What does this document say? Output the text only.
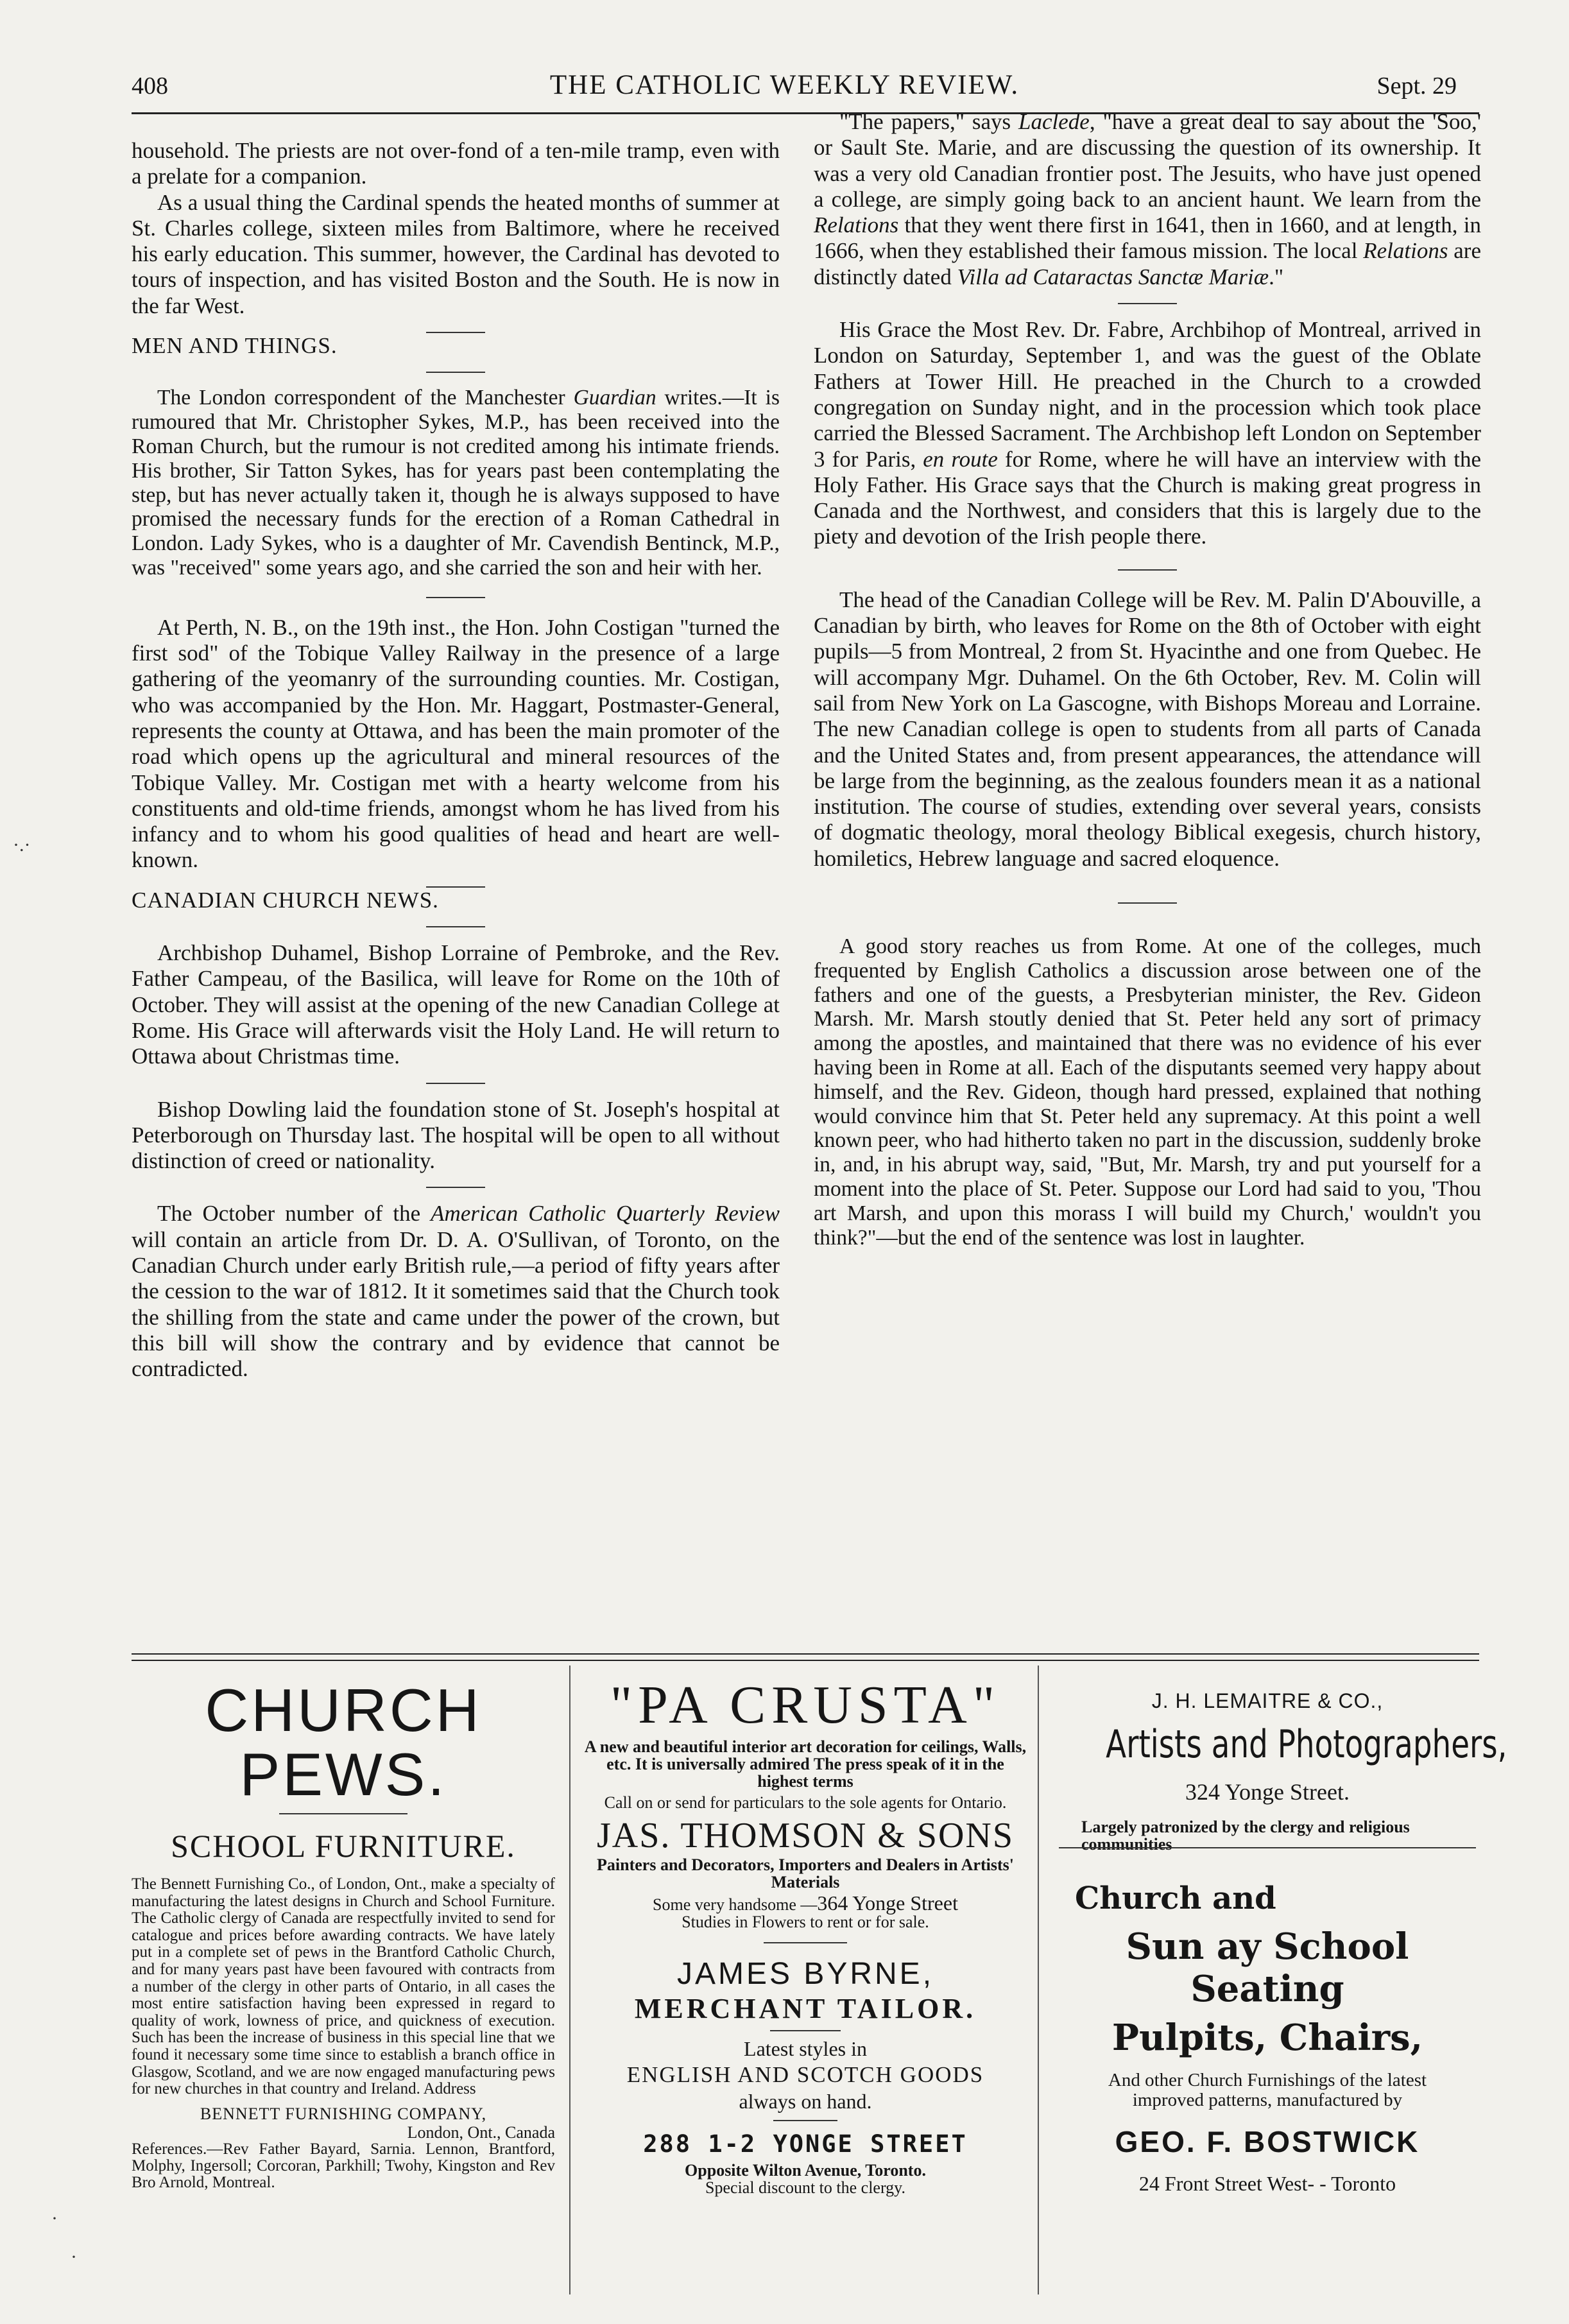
408	THE CATHOLIC WEEKLY REVIEW.	Sept. 29

household. The priests are not over-fond of a ten-mile tramp, even with a prelate for a companion.

As a usual thing the Cardinal spends the heated months of summer at St. Charles college, sixteen miles from Baltimore, where he received his early education. This summer, however, the Cardinal has devoted to tours of inspection, and has visited Boston and the South. He is now in the far West.

MEN AND THINGS.

The London correspondent of the Manchester Guardian writes.—It is rumoured that Mr. Christopher Sykes, M.P., has been received into the Roman Church, but the rumour is not credited among his intimate friends. His brother, Sir Tatton Sykes, has for years past been contemplating the step, but has never actually taken it, though he is always supposed to have promised the necessary funds for the erection of a Roman Cathedral in London. Lady Sykes, who is a daughter of Mr. Cavendish Bentinck, M.P., was "received" some years ago, and she carried the son and heir with her.

At Perth, N. B., on the 19th inst., the Hon. John Costigan "turned the first sod" of the Tobique Valley Railway in the presence of a large gathering of the yeomanry of the surrounding counties. Mr. Costigan, who was accompanied by the Hon. Mr. Haggart, Postmaster-General, represents the county at Ottawa, and has been the main promoter of the road which opens up the agricultural and mineral resources of the Tobique Valley. Mr. Costigan met with a hearty welcome from his constituents and old-time friends, amongst whom he has lived from his infancy and to whom his good qualities of head and heart are well-known.

CANADIAN CHURCH NEWS.

Archbishop Duhamel, Bishop Lorraine of Pembroke, and the Rev. Father Campeau, of the Basilica, will leave for Rome on the 10th of October. They will assist at the opening of the new Canadian College at Rome. His Grace will afterwards visit the Holy Land. He will return to Ottawa about Christmas time.

Bishop Dowling laid the foundation stone of St. Joseph's hospital at Peterborough on Thursday last. The hospital will be open to all without distinction of creed or nationality.

The October number of the American Catholic Quarterly Review will contain an article from Dr. D. A. O'Sullivan, of Toronto, on the Canadian Church under early British rule,—a period of fifty years after the cession to the war of 1812. It it sometimes said that the Church took the shilling from the state and came under the power of the crown, but this bill will show the contrary and by evidence that cannot be contradicted.

"The papers," says Laclede, "have a great deal to say about the 'Soo,' or Sault Ste. Marie, and are discussing the question of its ownership. It was a very old Canadian frontier post. The Jesuits, who have just opened a college, are simply going back to an ancient haunt. We learn from the Relations that they went there first in 1641, then in 1660, and at length, in 1666, when they established their famous mission. The local Relations are distinctly dated Villa ad Cataractas Sanctæ Mariæ."

His Grace the Most Rev. Dr. Fabre, Archbihop of Montreal, arrived in London on Saturday, September 1, and was the guest of the Oblate Fathers at Tower Hill. He preached in the Church to a crowded congregation on Sunday night, and in the procession which took place carried the Blessed Sacrament. The Archbishop left London on September 3 for Paris, en route for Rome, where he will have an interview with the Holy Father. His Grace says that the Church is making great progress in Canada and the Northwest, and considers that this is largely due to the piety and devotion of the Irish people there.

The head of the Canadian College will be Rev. M. Palin D'Abouville, a Canadian by birth, who leaves for Rome on the 8th of October with eight pupils—5 from Montreal, 2 from St. Hyacinthe and one from Quebec. He will accompany Mgr. Duhamel. On the 6th October, Rev. M. Colin will sail from New York on La Gascogne, with Bishops Moreau and Lorraine. The new Canadian college is open to students from all parts of Canada and the United States and, from present appearances, the attendance will be large from the beginning, as the zealous founders mean it as a national institution. The course of studies, extending over several years, consists of dogmatic theology, moral theology Biblical exegesis, church history, homiletics, Hebrew language and sacred eloquence.

A good story reaches us from Rome. At one of the colleges, much frequented by English Catholics a discussion arose between one of the fathers and one of the guests, a Presbyterian minister, the Rev. Gideon Marsh. Mr. Marsh stoutly denied that St. Peter held any sort of primacy among the apostles, and maintained that there was no evidence of his ever having been in Rome at all. Each of the disputants seemed very happy about himself, and the Rev. Gideon, though hard pressed, explained that nothing would convince him that St. Peter held any supremacy. At this point a well known peer, who had hitherto taken no part in the discussion, suddenly broke in, and, in his abrupt way, said, "But, Mr. Marsh, try and put yourself for a moment into the place of St. Peter. Suppose our Lord had said to you, 'Thou art Marsh, and upon this morass I will build my Church,' wouldn't you think?"—but the end of the sentence was lost in laughter.

CHURCH PEWS.

SCHOOL FURNITURE.

The Bennett Furnishing Co., of London, Ont., make a specialty of manufacturing the latest designs in Church and School Furniture. The Catholic clergy of Canada are respectfully invited to send for catalogue and prices before awarding contracts. We have lately put in a complete set of pews in the Brantford Catholic Church, and for many years past have been favoured with contracts from a number of the clergy in other parts of Ontario, in all cases the most entire satisfaction having been expressed in regard to quality of work, lowness of price, and quickness of execution. Such has been the increase of business in this special line that we found it necessary some time since to establish a branch office in Glasgow, Scotland, and we are now engaged manufacturing pews for new churches in that country and Ireland. Address

BENNETT FURNISHING COMPANY,

London, Ont., Canada

References.—Rev Father Bayard, Sarnia. Lennon, Brantford, Molphy, Ingersoll; Corcoran, Parkhill; Twohy, Kingston and Rev Bro Arnold, Montreal.

"PA CRUSTA"

A new and beautiful interior art decoration for ceilings, Walls, etc. It is universally admired The press speak of it in the highest terms

Call on or send for particulars to the sole agents for Ontario.

JAS. THOMSON & SONS

Painters and Decorators, Importers and Dealers in Artists' Materials

Some very handsome —364 Yonge Street

Studies in Flowers to rent or for sale.

JAMES BYRNE,

MERCHANT TAILOR.

Latest styles in

ENGLISH AND SCOTCH GOODS

always on hand.

288 1-2 YONGE STREET

Opposite Wilton Avenue, Toronto.

Special discount to the clergy.

J. H. LEMAITRE & CO.,

Artists and Photographers,

324 Yonge Street.

Largely patronized by the clergy and religious communities

Church and

Sun ay School Seating

Pulpits, Chairs,

And other Church Furnishings of the latest improved patterns, manufactured by

GEO. F. BOSTWICK

24 Front Street West- - Toronto

·.·
·
·
